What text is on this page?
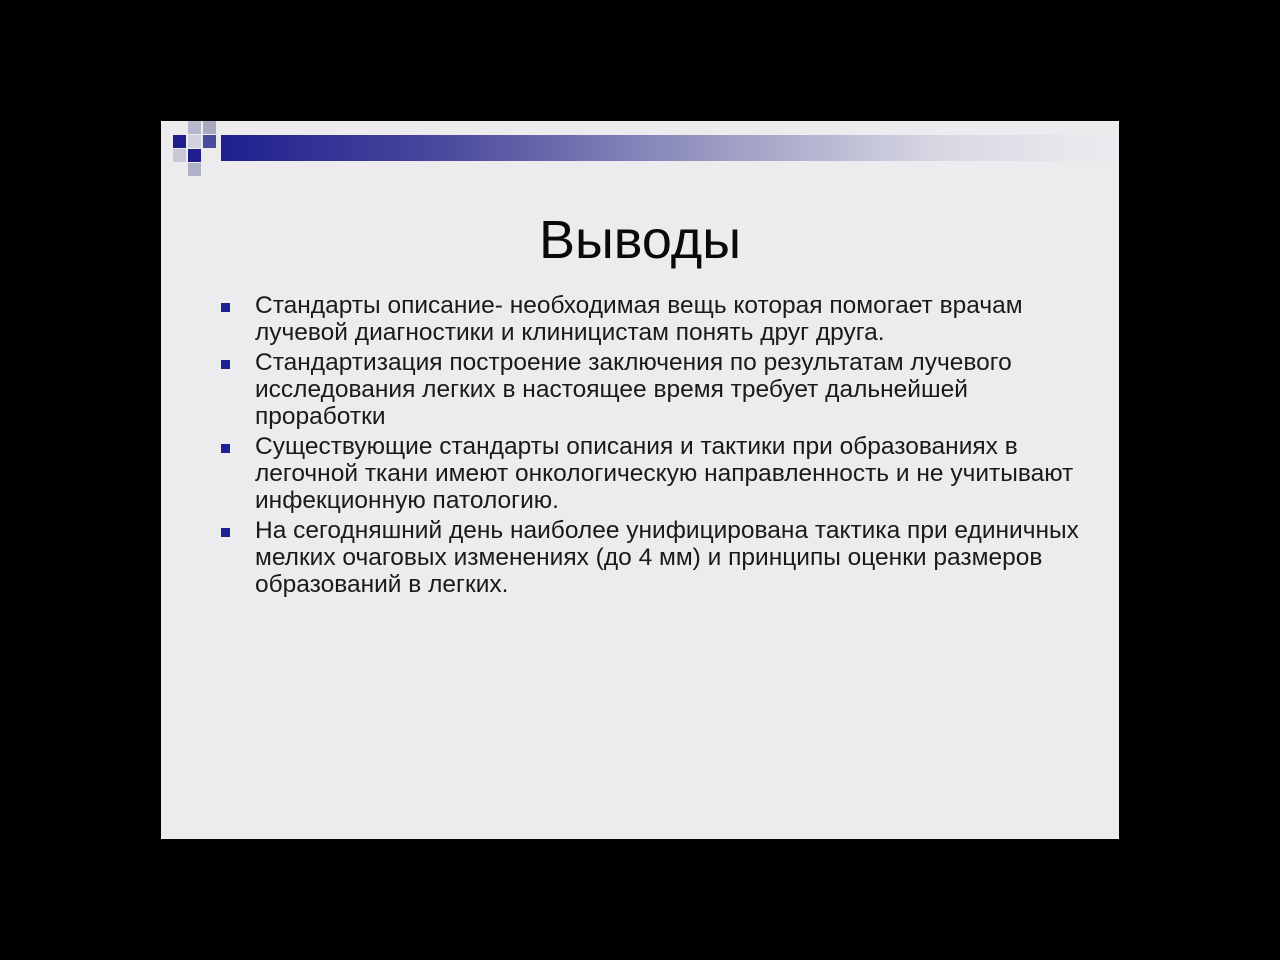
Выводы
Стандарты описание- необходимая вещь которая помогает врачам лучевой диагностики и клиницистам понять друг друга.
Стандартизация построение заключения по результатам лучевого исследования легких в настоящее время требует дальнейшей проработки
Существующие стандарты описания и тактики при образованиях в легочной ткани имеют онкологическую направленность и не учитывают инфекционную патологию.
На сегодняшний день наиболее унифицирована тактика при единичных мелких очаговых изменениях (до 4 мм) и принципы оценки размеров образований в легких.
